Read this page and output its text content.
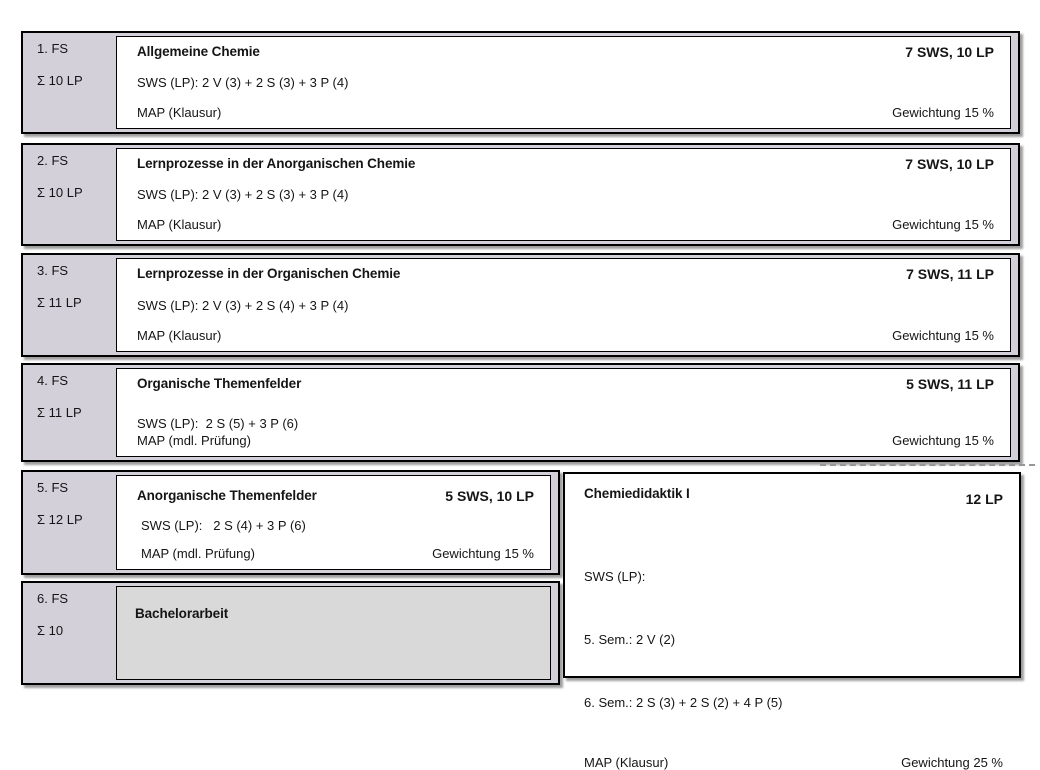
1. FS
Σ 10 LP
Allgemeine Chemie	7 SWS, 10 LP
SWS (LP): 2 V (3) + 2 S (3) + 3 P (4)
MAP (Klausur)	Gewichtung 15 %
2. FS
Σ 10 LP
Lernprozesse in der Anorganischen Chemie	7 SWS, 10 LP
SWS (LP): 2 V (3) + 2 S (3) + 3 P (4)
MAP (Klausur)	Gewichtung 15 %
3. FS
Σ 11 LP
Lernprozesse in der Organischen Chemie	7 SWS, 11 LP
SWS (LP): 2 V (3) + 2 S (4) + 3 P (4)
MAP (Klausur)	Gewichtung 15 %
4. FS
Σ 11 LP
Organische Themenfelder	5 SWS, 11 LP
SWS (LP):  2 S (5) + 3 P (6)
MAP (mdl. Prüfung)	Gewichtung 15 %
5. FS
Σ 12 LP
Anorganische Themenfelder	5 SWS, 10 LP
SWS (LP):   2 S (4) + 3 P (6)
MAP (mdl. Prüfung)	Gewichtung 15 %
6. FS
Σ 10
Bachelorarbeit
Chemiedidaktik I	12 LP

SWS (LP):

5. Sem.: 2 V (2)

6. Sem.: 2 S (3) + 2 S (2) + 4 P (5)

MAP (Klausur)	Gewichtung 25 %
